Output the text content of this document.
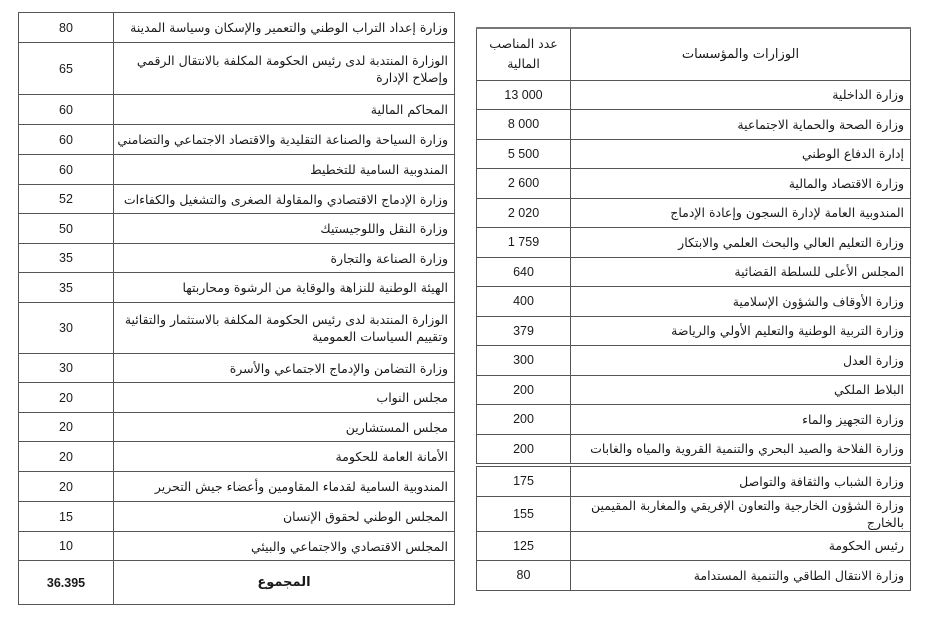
80	وزارة إعداد التراب الوطني والتعمير والإسكان وسياسة المدينة
65	الوزارة المنتدبة لدى رئيس الحكومة المكلفة بالانتقال الرقمي وإصلاح الإدارة
60	المحاكم المالية
60	وزارة السياحة والصناعة التقليدية والاقتصاد الاجتماعي والتضامني
60	المندوبية السامية للتخطيط
52	وزارة الإدماج الاقتصادي والمقاولة الصغرى والتشغيل والكفاءات
50	وزارة النقل واللوجيستيك
35	وزارة الصناعة والتجارة
35	الهيئة الوطنية للنزاهة والوقاية من الرشوة ومحاربتها
30	الوزارة المنتدبة لدى رئيس الحكومة المكلفة بالاستثمار والتقائية وتقييم السياسات العمومية
30	وزارة التضامن والإدماج الاجتماعي والأسرة
20	مجلس النواب
20	مجلس المستشارين
20	الأمانة العامة للحكومة
20	المندوبية السامية لقدماء المقاومين وأعضاء جيش التحرير
15	المجلس الوطني لحقوق الإنسان
10	المجلس الاقتصادي والاجتماعي والبيئي
36.395	المجموع
عدد المناصب المالية	الوزارات والمؤسسات
13 000	وزارة الداخلية
8 000	وزارة الصحة والحماية الاجتماعية
5 500	إدارة الدفاع الوطني
2 600	وزارة الاقتصاد والمالية
2 020	المندوبية العامة لإدارة السجون وإعادة الإدماج
1 759	وزارة التعليم العالي والبحث العلمي والابتكار
640	المجلس الأعلى للسلطة القضائية
400	وزارة الأوقاف والشؤون الإسلامية
379	وزارة التربية الوطنية والتعليم الأولي والرياضة
300	وزارة العدل
200	البلاط الملكي
200	وزارة التجهيز والماء
200	وزارة الفلاحة والصيد البحري والتنمية القروية والمياه والغابات

175	وزارة الشباب والثقافة والتواصل
155	وزارة الشؤون الخارجية والتعاون الإفريقي والمغاربة المقيمين بالخارج
125	رئيس الحكومة
80	وزارة الانتقال الطاقي والتنمية المستدامة
